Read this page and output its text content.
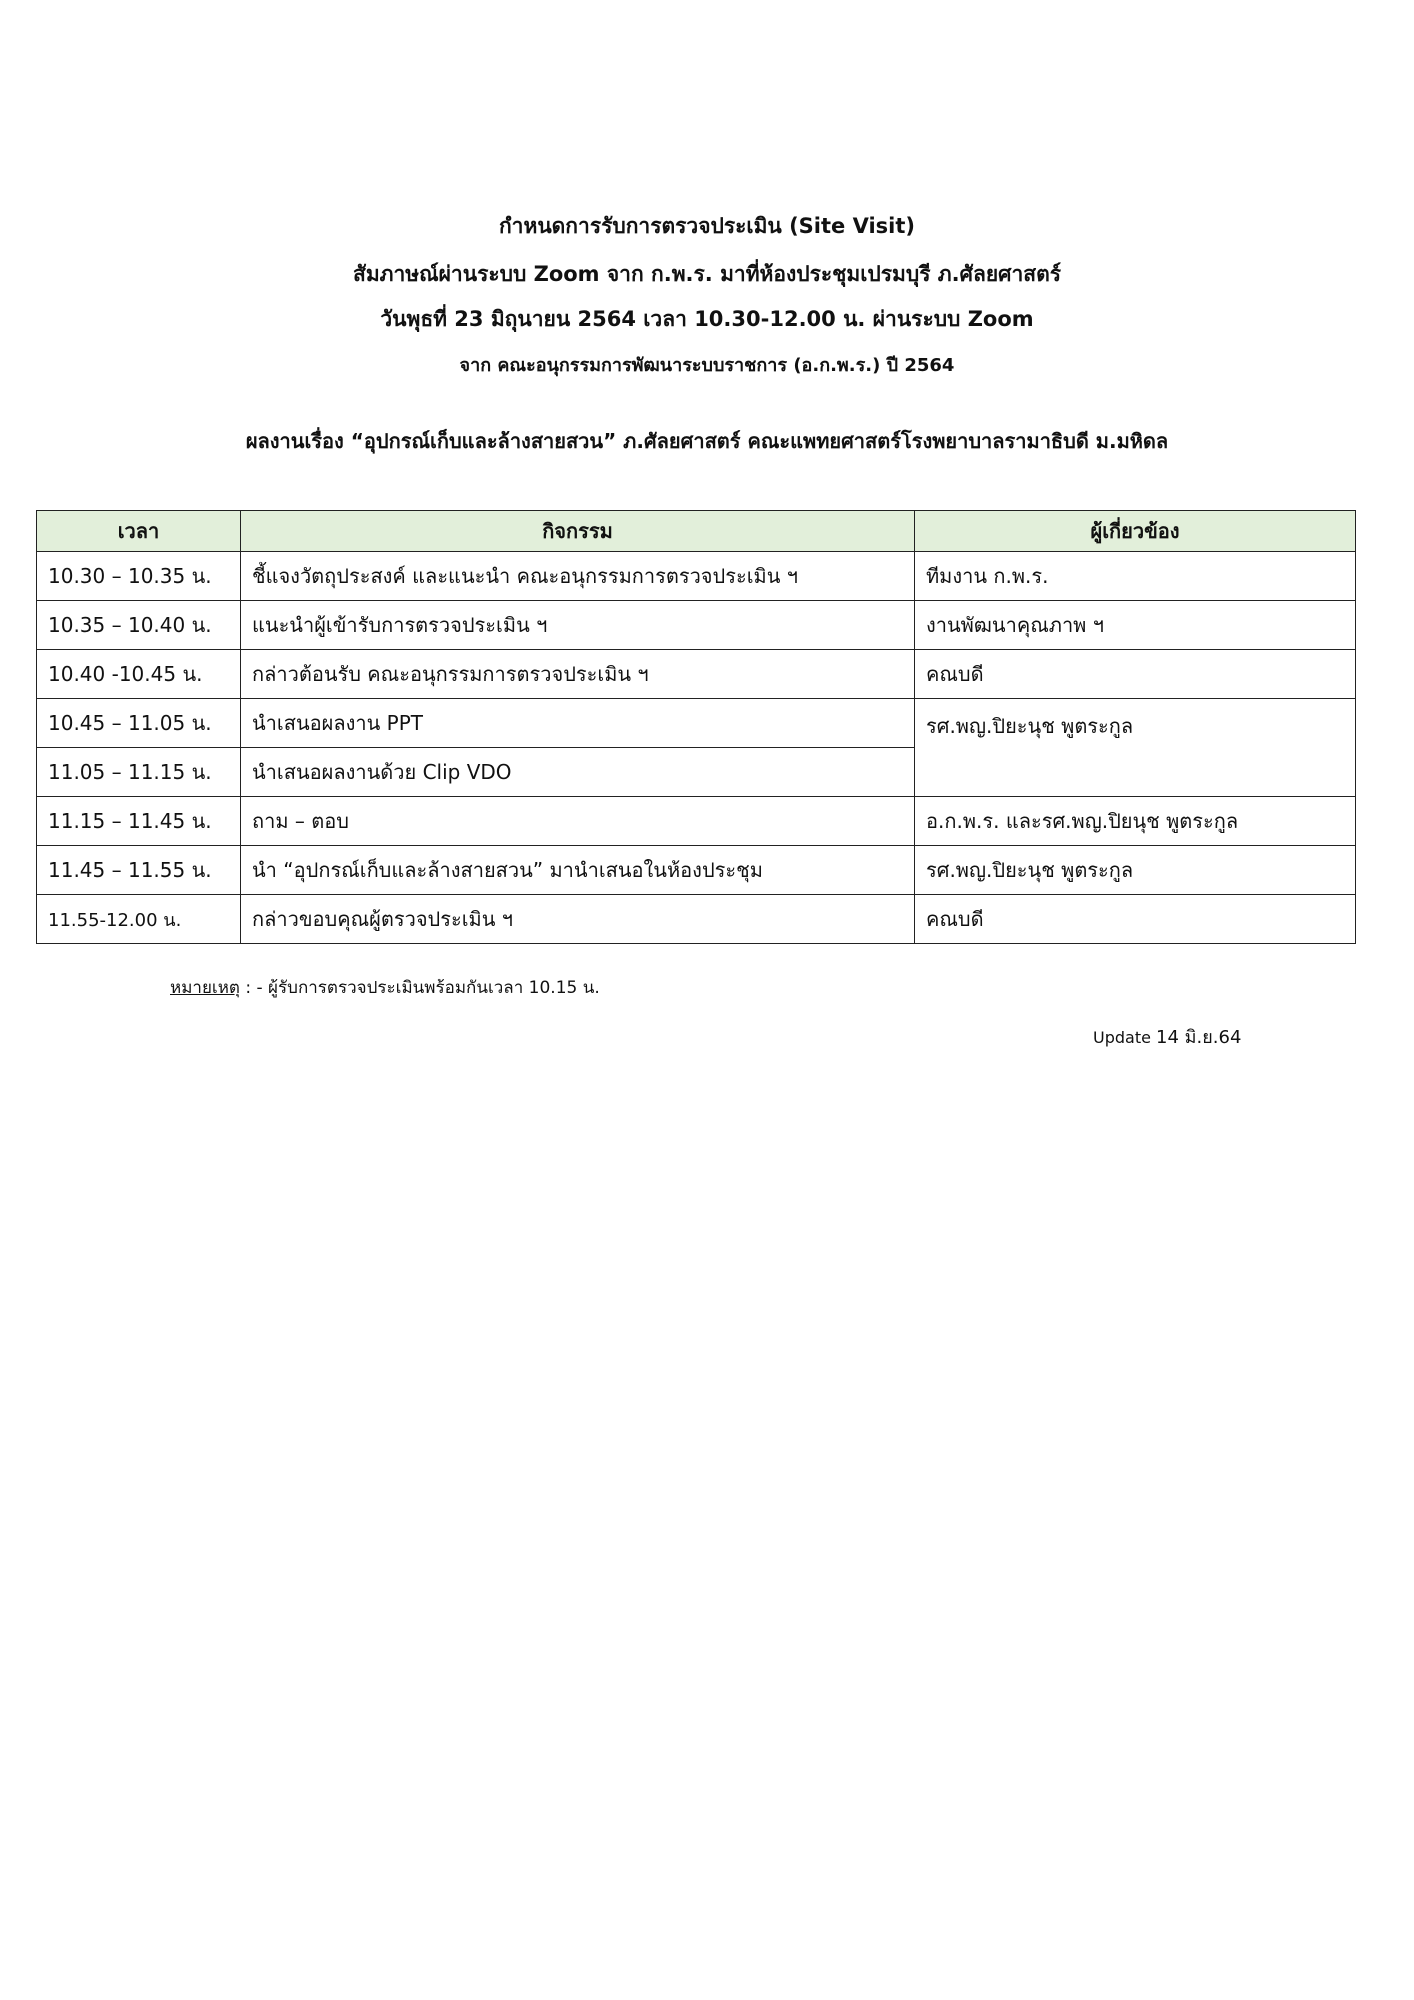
กำหนดการรับการตรวจประเมิน (Site Visit)
สัมภาษณ์ผ่านระบบ Zoom จาก ก.พ.ร. มาที่ห้องประชุมเปรมบุรี ภ.ศัลยศาสตร์
วันพุธที่ 23 มิถุนายน 2564 เวลา 10.30-12.00 น. ผ่านระบบ Zoom
จาก คณะอนุกรรมการพัฒนาระบบราชการ (อ.ก.พ.ร.) ปี 2564
ผลงานเรื่อง “อุปกรณ์เก็บและล้างสายสวน” ภ.ศัลยศาสตร์ คณะแพทยศาสตร์โรงพยาบาลรามาธิบดี ม.มหิดล
เวลา	กิจกรรม	ผู้เกี่ยวข้อง
10.30 – 10.35 น.	ชี้แจงวัตถุประสงค์ และแนะนำ คณะอนุกรรมการตรวจประเมิน ฯ	ทีมงาน ก.พ.ร.
10.35 – 10.40 น.	แนะนำผู้เข้ารับการตรวจประเมิน ฯ	งานพัฒนาคุณภาพ ฯ
10.40 -10.45 น.	กล่าวต้อนรับ คณะอนุกรรมการตรวจประเมิน ฯ	คณบดี
10.45 – 11.05 น.	นำเสนอผลงาน PPT	รศ.พญ.ปิยะนุช พูตระกูล
11.05 – 11.15 น.	นำเสนอผลงานด้วย Clip VDO	
11.15 – 11.45 น.	ถาม – ตอบ	อ.ก.พ.ร. และรศ.พญ.ปิยนุช พูตระกูล
11.45 – 11.55 น.	นำ “อุปกรณ์เก็บและล้างสายสวน” มานำเสนอในห้องประชุม	รศ.พญ.ปิยะนุช พูตระกูล
11.55-12.00 น.	กล่าวขอบคุณผู้ตรวจประเมิน ฯ	คณบดี
หมายเหตุ : - ผู้รับการตรวจประเมินพร้อมกันเวลา 10.15 น.
Update 14 มิ.ย.64
